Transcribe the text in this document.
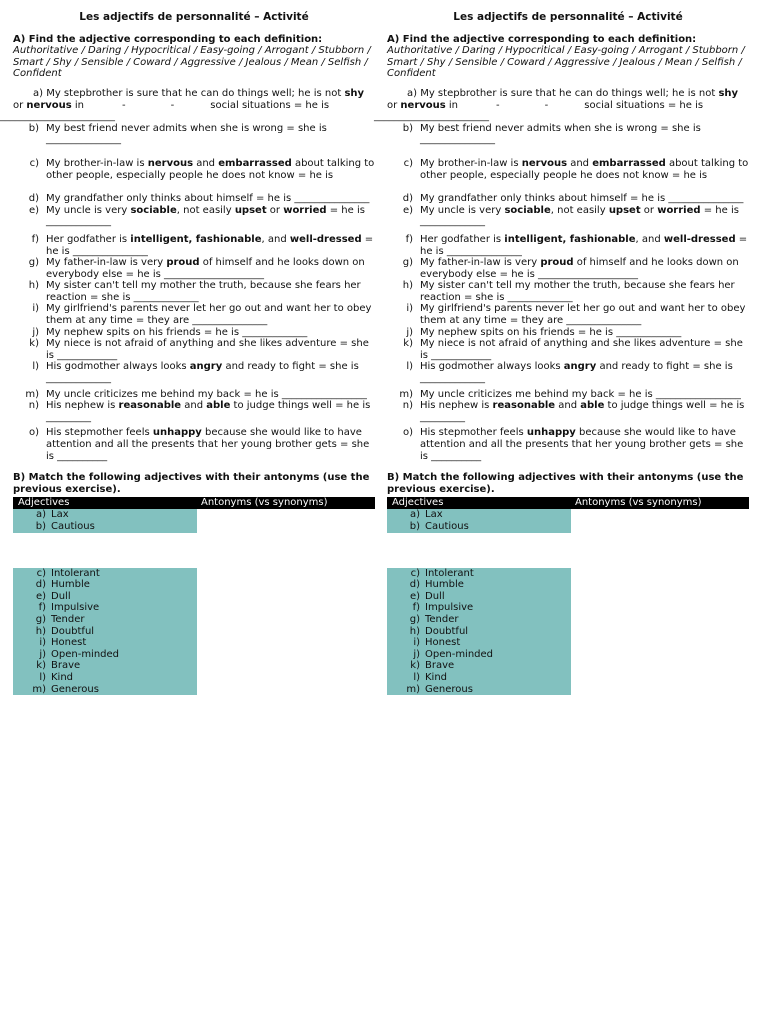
Les adjectifs de personnalité – Activité
A) Find the adjective corresponding to each definition:
Authoritative / Daring / Hypocritical / Easy-going / Arrogant / Stubborn / Smart / Shy / Sensible / Coward / Aggressive / Jealous / Mean / Selfish / Confident
a) My stepbrother is sure that he can do things well; he is not shy
or nervous in	-	-	social situations = he is
_______________________
b) My best friend never admits when she is wrong = she is _______________
c) My brother-in-law is nervous and embarrassed about talking to other people, especially people he does not know = he is
d) My grandfather only thinks about himself = he is _______________
e) My uncle is very sociable, not easily upset or worried = he is _____________
f) Her godfather is intelligent, fashionable, and well-dressed = he is _______________
g) My father-in-law is very proud of himself and he looks down on everybody else = he is ____________________
h) My sister can't tell my mother the truth, because she fears her reaction = she is _____________
i) My girlfriend's parents never let her go out and want her to obey them at any time = they are _______________
j) My nephew spits on his friends = he is _____________
k) My niece is not afraid of anything and she likes adventure = she is ____________
l) His godmother always looks angry and ready to fight = she is _____________
m) My uncle criticizes me behind my back = he is _________________
n) His nephew is reasonable and able to judge things well = he is _________
o) His stepmother feels unhappy because she would like to have attention and all the presents that her young brother gets = she is __________
B) Match the following adjectives with their antonyms (use the previous exercise).
Adjectives	Antonyms (vs synonyms)
a) Lax
b) Cautious
c) Intolerant
d) Humble
e) Dull
f) Impulsive
g) Tender
h) Doubtful
i) Honest
j) Open-minded
k) Brave
l) Kind
m) Generous
Les adjectifs de personnalité – Activité
A) Find the adjective corresponding to each definition:
Authoritative / Daring / Hypocritical / Easy-going / Arrogant / Stubborn / Smart / Shy / Sensible / Coward / Aggressive / Jealous / Mean / Selfish / Confident
a) My stepbrother is sure that he can do things well; he is not shy
or nervous in	-	-	social situations = he is
_______________________
b) My best friend never admits when she is wrong = she is _______________
c) My brother-in-law is nervous and embarrassed about talking to other people, especially people he does not know = he is
d) My grandfather only thinks about himself = he is _______________
e) My uncle is very sociable, not easily upset or worried = he is _____________
f) Her godfather is intelligent, fashionable, and well-dressed = he is _______________
g) My father-in-law is very proud of himself and he looks down on everybody else = he is ____________________
h) My sister can't tell my mother the truth, because she fears her reaction = she is _____________
i) My girlfriend's parents never let her go out and want her to obey them at any time = they are _______________
j) My nephew spits on his friends = he is _____________
k) My niece is not afraid of anything and she likes adventure = she is ____________
l) His godmother always looks angry and ready to fight = she is _____________
m) My uncle criticizes me behind my back = he is _________________
n) His nephew is reasonable and able to judge things well = he is _________
o) His stepmother feels unhappy because she would like to have attention and all the presents that her young brother gets = she is __________
B) Match the following adjectives with their antonyms (use the previous exercise).
Adjectives	Antonyms (vs synonyms)
a) Lax
b) Cautious
c) Intolerant
d) Humble
e) Dull
f) Impulsive
g) Tender
h) Doubtful
i) Honest
j) Open-minded
k) Brave
l) Kind
m) Generous
